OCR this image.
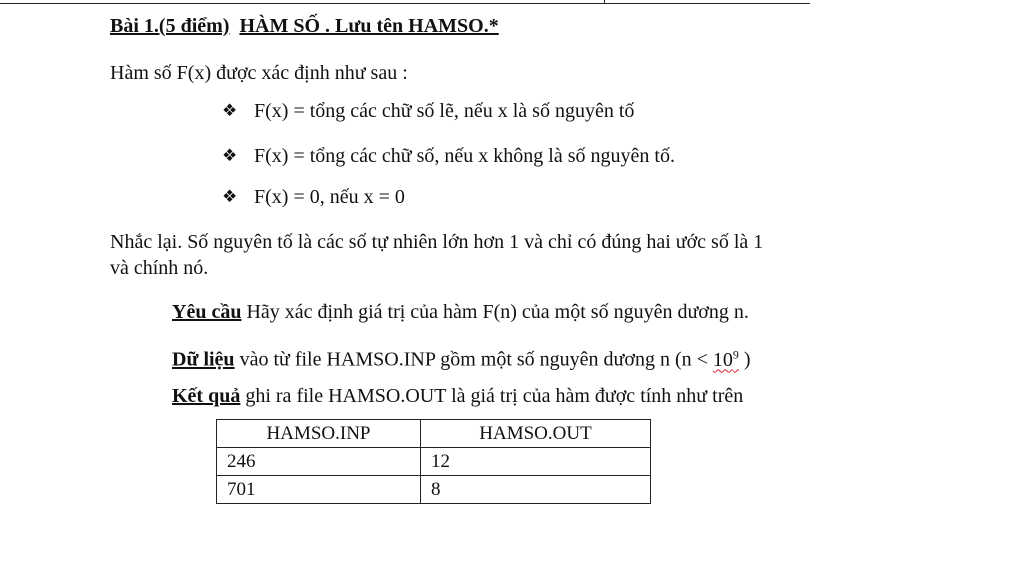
Bài 1.(5 điểm) HÀM SỐ . Lưu tên HAMSO.*
Hàm số F(x) được xác định như sau :
❖ F(x) = tổng các chữ số lẽ, nếu x là số nguyên tố
❖ F(x) = tổng các chữ số, nếu x không là số nguyên tố.
❖ F(x) = 0, nếu x = 0
Nhắc lại. Số nguyên tố là các số tự nhiên lớn hơn 1 và chỉ có đúng hai ước số là 1
và chính nó.
Yêu cầu Hãy xác định giá trị của hàm F(n) của một số nguyên dương n.
Dữ liệu vào từ file HAMSO.INP gồm một số nguyên dương n ($n < 10^9$ )
Kết quả ghi ra file HAMSO.OUT là giá trị của hàm được tính như trên
HAMSO.INP	HAMSO.OUT
246	12
701	8
